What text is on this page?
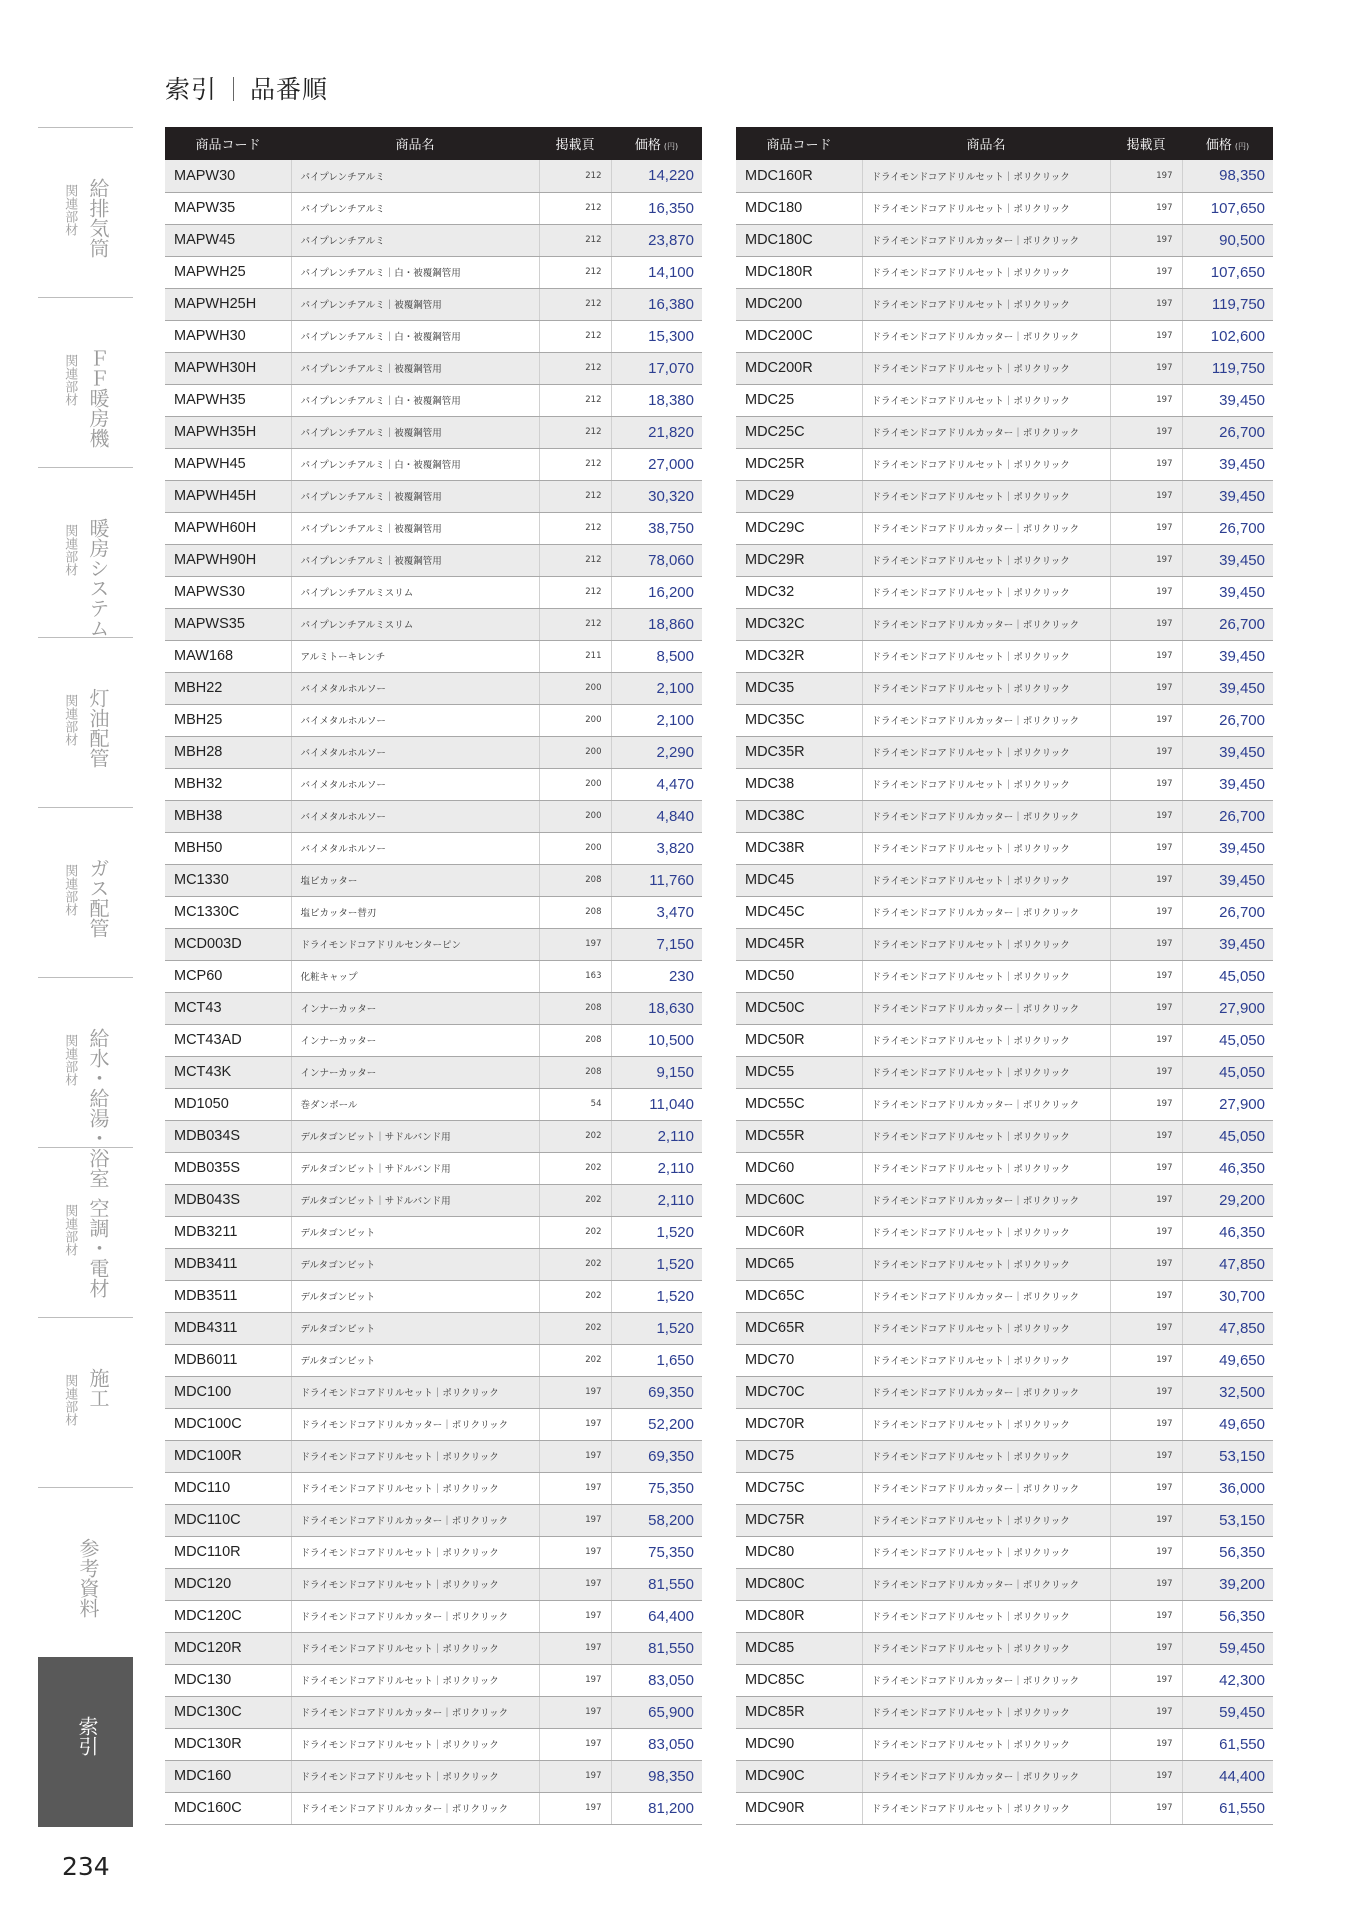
索引 品番順
給排気筒
関連部材
ＦＦ暖房機
関連部材
暖房システム
関連部材
灯油配管
関連部材
ガス配管
関連部材
給水・給湯・浴室
関連部材
空調・電材
関連部材
施工
関連部材
参考資料
索引
商品コード	商品名	掲載頁	価格 (円)
MAPW30	パイプレンチアルミ	212	14,220
MAPW35	パイプレンチアルミ	212	16,350
MAPW45	パイプレンチアルミ	212	23,870
MAPWH25	パイプレンチアルミ｜白・被覆鋼管用	212	14,100
MAPWH25H	パイプレンチアルミ｜被覆鋼管用	212	16,380
MAPWH30	パイプレンチアルミ｜白・被覆鋼管用	212	15,300
MAPWH30H	パイプレンチアルミ｜被覆鋼管用	212	17,070
MAPWH35	パイプレンチアルミ｜白・被覆鋼管用	212	18,380
MAPWH35H	パイプレンチアルミ｜被覆鋼管用	212	21,820
MAPWH45	パイプレンチアルミ｜白・被覆鋼管用	212	27,000
MAPWH45H	パイプレンチアルミ｜被覆鋼管用	212	30,320
MAPWH60H	パイプレンチアルミ｜被覆鋼管用	212	38,750
MAPWH90H	パイプレンチアルミ｜被覆鋼管用	212	78,060
MAPWS30	パイプレンチアルミスリム	212	16,200
MAPWS35	パイプレンチアルミスリム	212	18,860
MAW168	アルミトーキレンチ	211	8,500
MBH22	バイメタルホルソー	200	2,100
MBH25	バイメタルホルソー	200	2,100
MBH28	バイメタルホルソー	200	2,290
MBH32	バイメタルホルソー	200	4,470
MBH38	バイメタルホルソー	200	4,840
MBH50	バイメタルホルソー	200	3,820
MC1330	塩ビカッター	208	11,760
MC1330C	塩ビカッター替刃	208	3,470
MCD003D	ドライモンドコアドリルセンターピン	197	7,150
MCP60	化粧キャップ	163	230
MCT43	インナーカッター	208	18,630
MCT43AD	インナーカッター	208	10,500
MCT43K	インナーカッター	208	9,150
MD1050	巻ダンボール	54	11,040
MDB034S	デルタゴンビット｜サドルバンド用	202	2,110
MDB035S	デルタゴンビット｜サドルバンド用	202	2,110
MDB043S	デルタゴンビット｜サドルバンド用	202	2,110
MDB3211	デルタゴンビット	202	1,520
MDB3411	デルタゴンビット	202	1,520
MDB3511	デルタゴンビット	202	1,520
MDB4311	デルタゴンビット	202	1,520
MDB6011	デルタゴンビット	202	1,650
MDC100	ドライモンドコアドリルセット｜ポリクリック	197	69,350
MDC100C	ドライモンドコアドリルカッター｜ポリクリック	197	52,200
MDC100R	ドライモンドコアドリルセット｜ポリクリック	197	69,350
MDC110	ドライモンドコアドリルセット｜ポリクリック	197	75,350
MDC110C	ドライモンドコアドリルカッター｜ポリクリック	197	58,200
MDC110R	ドライモンドコアドリルセット｜ポリクリック	197	75,350
MDC120	ドライモンドコアドリルセット｜ポリクリック	197	81,550
MDC120C	ドライモンドコアドリルカッター｜ポリクリック	197	64,400
MDC120R	ドライモンドコアドリルセット｜ポリクリック	197	81,550
MDC130	ドライモンドコアドリルセット｜ポリクリック	197	83,050
MDC130C	ドライモンドコアドリルカッター｜ポリクリック	197	65,900
MDC130R	ドライモンドコアドリルセット｜ポリクリック	197	83,050
MDC160	ドライモンドコアドリルセット｜ポリクリック	197	98,350
MDC160C	ドライモンドコアドリルカッター｜ポリクリック	197	81,200
商品コード	商品名	掲載頁	価格 (円)
MDC160R	ドライモンドコアドリルセット｜ポリクリック	197	98,350
MDC180	ドライモンドコアドリルセット｜ポリクリック	197	107,650
MDC180C	ドライモンドコアドリルカッター｜ポリクリック	197	90,500
MDC180R	ドライモンドコアドリルセット｜ポリクリック	197	107,650
MDC200	ドライモンドコアドリルセット｜ポリクリック	197	119,750
MDC200C	ドライモンドコアドリルカッター｜ポリクリック	197	102,600
MDC200R	ドライモンドコアドリルセット｜ポリクリック	197	119,750
MDC25	ドライモンドコアドリルセット｜ポリクリック	197	39,450
MDC25C	ドライモンドコアドリルカッター｜ポリクリック	197	26,700
MDC25R	ドライモンドコアドリルセット｜ポリクリック	197	39,450
MDC29	ドライモンドコアドリルセット｜ポリクリック	197	39,450
MDC29C	ドライモンドコアドリルカッター｜ポリクリック	197	26,700
MDC29R	ドライモンドコアドリルセット｜ポリクリック	197	39,450
MDC32	ドライモンドコアドリルセット｜ポリクリック	197	39,450
MDC32C	ドライモンドコアドリルカッター｜ポリクリック	197	26,700
MDC32R	ドライモンドコアドリルセット｜ポリクリック	197	39,450
MDC35	ドライモンドコアドリルセット｜ポリクリック	197	39,450
MDC35C	ドライモンドコアドリルカッター｜ポリクリック	197	26,700
MDC35R	ドライモンドコアドリルセット｜ポリクリック	197	39,450
MDC38	ドライモンドコアドリルセット｜ポリクリック	197	39,450
MDC38C	ドライモンドコアドリルカッター｜ポリクリック	197	26,700
MDC38R	ドライモンドコアドリルセット｜ポリクリック	197	39,450
MDC45	ドライモンドコアドリルセット｜ポリクリック	197	39,450
MDC45C	ドライモンドコアドリルカッター｜ポリクリック	197	26,700
MDC45R	ドライモンドコアドリルセット｜ポリクリック	197	39,450
MDC50	ドライモンドコアドリルセット｜ポリクリック	197	45,050
MDC50C	ドライモンドコアドリルカッター｜ポリクリック	197	27,900
MDC50R	ドライモンドコアドリルセット｜ポリクリック	197	45,050
MDC55	ドライモンドコアドリルセット｜ポリクリック	197	45,050
MDC55C	ドライモンドコアドリルカッター｜ポリクリック	197	27,900
MDC55R	ドライモンドコアドリルセット｜ポリクリック	197	45,050
MDC60	ドライモンドコアドリルセット｜ポリクリック	197	46,350
MDC60C	ドライモンドコアドリルカッター｜ポリクリック	197	29,200
MDC60R	ドライモンドコアドリルセット｜ポリクリック	197	46,350
MDC65	ドライモンドコアドリルセット｜ポリクリック	197	47,850
MDC65C	ドライモンドコアドリルカッター｜ポリクリック	197	30,700
MDC65R	ドライモンドコアドリルセット｜ポリクリック	197	47,850
MDC70	ドライモンドコアドリルセット｜ポリクリック	197	49,650
MDC70C	ドライモンドコアドリルカッター｜ポリクリック	197	32,500
MDC70R	ドライモンドコアドリルセット｜ポリクリック	197	49,650
MDC75	ドライモンドコアドリルセット｜ポリクリック	197	53,150
MDC75C	ドライモンドコアドリルカッター｜ポリクリック	197	36,000
MDC75R	ドライモンドコアドリルセット｜ポリクリック	197	53,150
MDC80	ドライモンドコアドリルセット｜ポリクリック	197	56,350
MDC80C	ドライモンドコアドリルカッター｜ポリクリック	197	39,200
MDC80R	ドライモンドコアドリルセット｜ポリクリック	197	56,350
MDC85	ドライモンドコアドリルセット｜ポリクリック	197	59,450
MDC85C	ドライモンドコアドリルカッター｜ポリクリック	197	42,300
MDC85R	ドライモンドコアドリルセット｜ポリクリック	197	59,450
MDC90	ドライモンドコアドリルセット｜ポリクリック	197	61,550
MDC90C	ドライモンドコアドリルカッター｜ポリクリック	197	44,400
MDC90R	ドライモンドコアドリルセット｜ポリクリック	197	61,550
234
